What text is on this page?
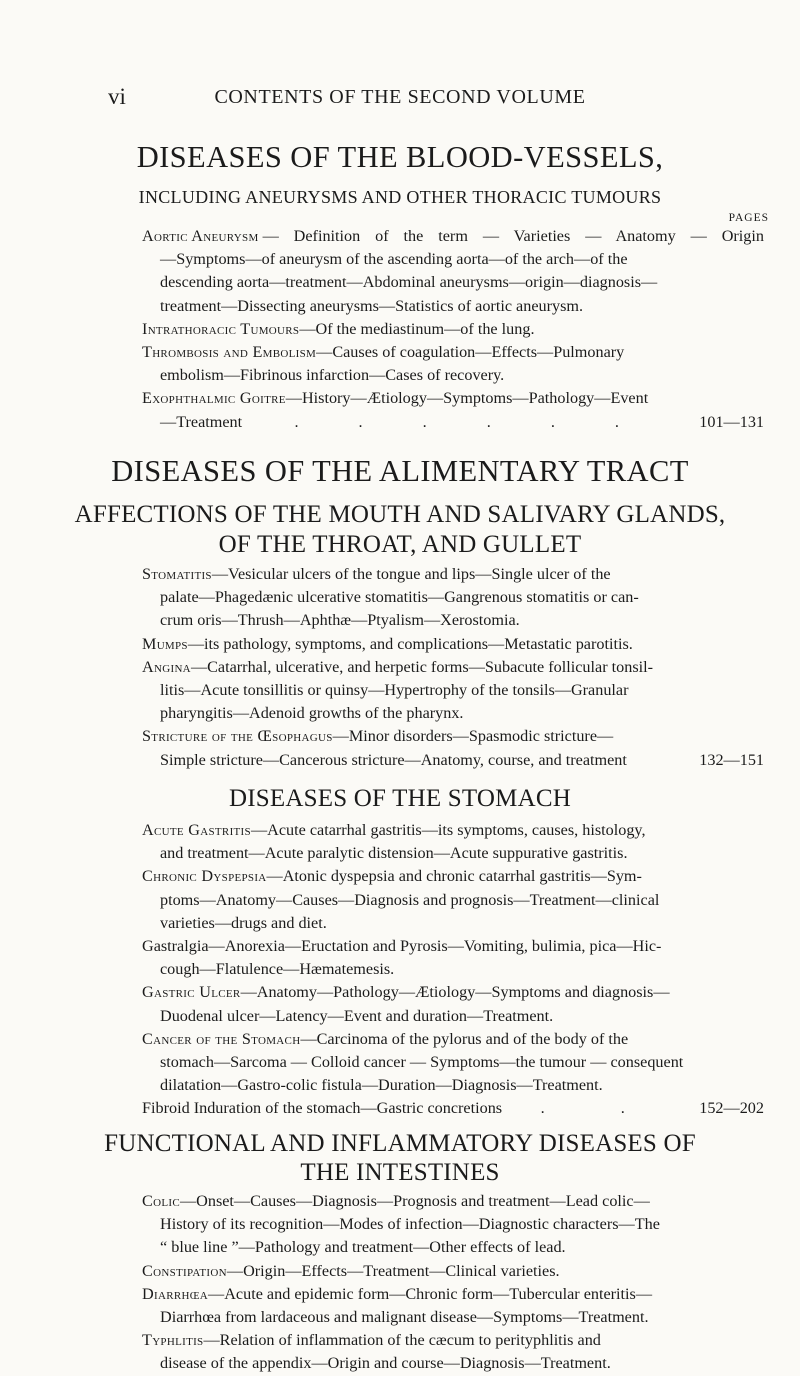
vi	CONTENTS OF THE SECOND VOLUME
DISEASES OF THE BLOOD-VESSELS,
INCLUDING ANEURYSMS AND OTHER THORACIC TUMOURS
PAGES
Aortic Aneurysm — Definition of the term — Varieties — Anatomy — Origin
—Symptoms—of aneurysm of the ascending aorta—of the arch—of the
descending aorta—treatment—Abdominal aneurysms—origin—diagnosis—
treatment—Dissecting aneurysms—Statistics of aortic aneurysm.
Intrathoracic Tumours—Of the mediastinum—of the lung.
Thrombosis and Embolism—Causes of coagulation—Effects—Pulmonary
embolism—Fibrinous infarction—Cases of recovery.
Exophthalmic Goitre—History—Ætiology—Symptoms—Pathology—Event
—Treatment	. . . . . .	101—131
DISEASES OF THE ALIMENTARY TRACT
AFFECTIONS OF THE MOUTH AND SALIVARY GLANDS,
OF THE THROAT, AND GULLET
Stomatitis—Vesicular ulcers of the tongue and lips—Single ulcer of the
palate—Phagedænic ulcerative stomatitis—Gangrenous stomatitis or can-
crum oris—Thrush—Aphthæ—Ptyalism—Xerostomia.
Mumps—its pathology, symptoms, and complications—Metastatic parotitis.
Angina—Catarrhal, ulcerative, and herpetic forms—Subacute follicular tonsil-
litis—Acute tonsillitis or quinsy—Hypertrophy of the tonsils—Granular
pharyngitis—Adenoid growths of the pharynx.
Stricture of the Œsophagus—Minor disorders—Spasmodic stricture—
Simple stricture—Cancerous stricture—Anatomy, course, and treatment	132—151
DISEASES OF THE STOMACH
Acute Gastritis—Acute catarrhal gastritis—its symptoms, causes, histology,
and treatment—Acute paralytic distension—Acute suppurative gastritis.
Chronic Dyspepsia—Atonic dyspepsia and chronic catarrhal gastritis—Sym-
ptoms—Anatomy—Causes—Diagnosis and prognosis—Treatment—clinical
varieties—drugs and diet.
Gastralgia—Anorexia—Eructation and Pyrosis—Vomiting, bulimia, pica—Hic-
cough—Flatulence—Hæmatemesis.
Gastric Ulcer—Anatomy—Pathology—Ætiology—Symptoms and diagnosis—
Duodenal ulcer—Latency—Event and duration—Treatment.
Cancer of the Stomach—Carcinoma of the pylorus and of the body of the
stomach—Sarcoma — Colloid cancer — Symptoms—the tumour — consequent
dilatation—Gastro-colic fistula—Duration—Diagnosis—Treatment.
Fibroid Induration of the stomach—Gastric concretions . . 152—202
FUNCTIONAL AND INFLAMMATORY DISEASES OF
THE INTESTINES
Colic—Onset—Causes—Diagnosis—Prognosis and treatment—Lead colic—
History of its recognition—Modes of infection—Diagnostic characters—The
“ blue line ”—Pathology and treatment—Other effects of lead.
Constipation—Origin—Effects—Treatment—Clinical varieties.
Diarrhœa—Acute and epidemic form—Chronic form—Tubercular enteritis—
Diarrhœa from lardaceous and malignant disease—Symptoms—Treatment.
Typhlitis—Relation of inflammation of the cæcum to perityphlitis and
disease of the appendix—Origin and course—Diagnosis—Treatment.
